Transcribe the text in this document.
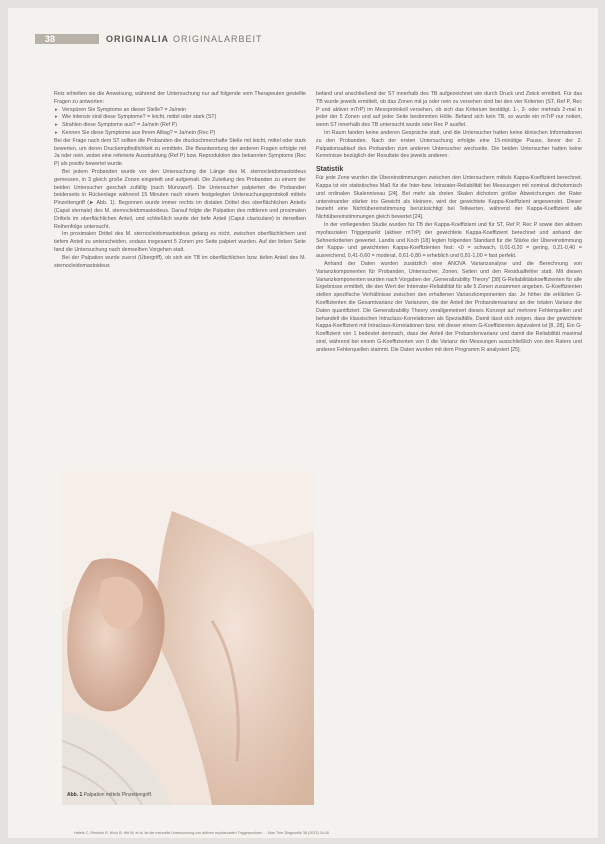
38	ORIGINALIA ORIGINALARBEIT

Reiz erhielten sie die Anweisung, während der Untersuchung nur auf folgende vom Therapeuten gestellte Fragen zu antworten:

▸ Verspüren Sie Symptome an dieser Stelle? = Ja/nein
▸ Wie intensiv sind diese Symptome? = leicht, mittel oder stark (ST)
▸ Strahlen diese Symptome aus? = Ja/nein (Ref P)
▸ Kennen Sie diese Symptome aus Ihrem Alltag? = Ja/nein (Rec P)

Bei der Frage nach dem ST sollten die Probanden die druckschmerzhafte Stelle mit leicht, mittel oder stark bewerten, um deren Druckempfindlichkeit zu ermitteln. Die Beantwortung der anderen Fragen erfolgte mit Ja oder nein, wobei eine referierte Ausstrahlung (Ref P) bzw. Reproduktion des bekannten Symptoms (Rec P) als positiv bewertet wurde.

Bei jedem Probanden wurde vor den Untersuchung die Länge des M. sternocleidomastoideus gemessen, in 3 gleich große Zonen eingeteilt und aufgemalt. Die Zuteilung des Probanden zu einem der beiden Untersucher geschah zufällig (nach Münzwurf). Die Untersucher palpierten die Probanden beiderseits in Rückenlage während 15 Minuten nach einem festgelegten Untersuchungsprotokoll mittels Pinzettengriff (► Abb. 1). Begonnen wurde immer rechts im distalen Drittel des oberflächlichen Anteils (Caput sternale) des M. sternocleidomastoideus. Darauf folgte die Palpation des mittleren und proximalen Drittels im oberflächlichen Anteil, und schließlich wurde der tiefe Anteil (Caput claviculare) in derselben Reihenfolge untersucht.

Im proximalen Drittel des M. sternocleidomastoideus gelang es nicht, zwischen oberflächlichem und tiefem Anteil zu unterscheiden, sodass insgesamt 5 Zonen pro Seite palpiert wurden. Auf der linken Seite fand die Untersuchung nach demselben Vorgehen statt.

Bei der Palpation wurde zuerst (Übergriff), ob sich ein TB im oberflächlichen bzw. tiefen Anteil des M. sternocleidomastoideus

Abb. 1 Palpation mittels Pinzettengriff.

befand und anschließend der ST innerhalb des TB aufgezeichnet wie durch Druck und Zwick ermittelt. Für das TB wurde jeweils ermittelt, ob das Zonen mit ja oder nein zu versehen sind bei den vier Kriterien (ST, Ref P, Rec P und aktiver mTrP) im Messprotokoll versehen, ob sich das Kriterium bestätigt. 1-, 2- oder mehrals 2-mal in jeder der 5 Zonen und auf jeder Seite bestimmten Hölle. Befand sich kein TB, so wurde ein mTrP nur notiert, wenn ST innerhalb des TB untersucht wurde oder Rec P ausfiel.

Im Raum fanden keine anderen Gespräche statt, und die Untersucher hatten keine klinischen Informationen zu den Probanden. Nach der ersten Untersuchung erfolgte eine 15-minütige Pause, bevor der 2. Palpationsablauf des Probanden zum anderen Untersucher wechselte. Die beiden Untersucher hatten keine Kenntnisse bezüglich der Resultate des jeweils anderen.

Statistik

Für jede Zone wurden die Übereinstimmungen zwischen den Untersuchern mittels Kappa-Koeffizient berechnet. Kappa ist ein statistisches Maß für die Inter-bzw. Intrarater-Reliabilität bei Messungen mit nominal dichotomisch und ordinalen Skalenniveau [24]. Bei mehr als dreien Skalen dichotom größer Abweichungen der Rater untereinander stärker ins Gewicht als kleinere, wird der gewichtete Kappa-Koeffizient angewendet. Dieser bezieht eine Nichtübereinstimmung berücksichtigt bei Teilwerten, während der Kappa-Koeffizient alle Nichtübereinstimmungen gleich bewertet [24].

In der vorliegenden Studie wurden für TB der Kappa-Koeffizient und für ST, Ref P, Rec P sowie den aktiven myofaszialen Triggerpunkt (aktiver mTrP) der gewichtete Kappa-Koeffizient berechnet und anhand der Sehnenkriterien gewertet. Landis und Koch [18] legten folgenden Standard für die Stärke der Übereinstimmung der Kappa- und gewichteten Kappa-Koeffizienten fest: <0 = schwach, 0,01-0,20 = gering, 0,21-0,40 = ausreichend, 0,41-0,60 = moderat, 0,61-0,80 = erheblich und 0,81-1,00 = fast perfekt.

Anhand der Daten wurden zusätzlich eine ANOVA Varianzanalyse und die Berechnung von Varianzkomponenten für Probanden, Untersucher, Zonen, Seiten und den Residualfehler statt. Mit diesen Varianzkomponenten wurden nach Vorgaben der „Generalizability Theory" [38] G-Reliabilitätskoeffizienten für alle Ergebnisse ermittelt, die den Wert der Interrater-Reliabilität für alle 5 Zonen zusammen angeben. G-Koeffizienten stellen spezifische Verhältnisse zwischen den erhaltenen Varianzkomponenten dar. Je höher die erklärten G-Koeffizienten die Gesamtvarianz der Varianzen, die der Anteil der Probandenvarianz an der totalen Varianz der Daten quantifiziert. Die Generalizability Theory verallgemeinert dieses Konzept auf mehrere Fehlerquellen und behandelt die klassischen Intraclass-Korrelationen als Spezialfälle. Damit lässt sich zeigen, dass der gewichtete Kappa-Koeffizient mit Intraclass-Korrelationen bzw. mit dieser einem G-Koeffizienten äquivalent ist [8, 28]. Ein G-Koeffizient von 1 bedeutet demnach, dass der Anteil der Probandenvarianz und damit die Reliabilität maximal sind, während bei einem G-Koeffizienten von 0 die Varianz der Messungen ausschließlich von den Raters und anderen Fehlerquellen stammt. Die Daten wurden mit dem Programm R analysiert [25].

Hafele C, Rentzke R, Hintz B, Hitt W, et al. Ist die manuelle Untersuchung von aktiven myofaszialen Triggerpunkten … Man Ther Diagnostik 38 (2013) 34-40
